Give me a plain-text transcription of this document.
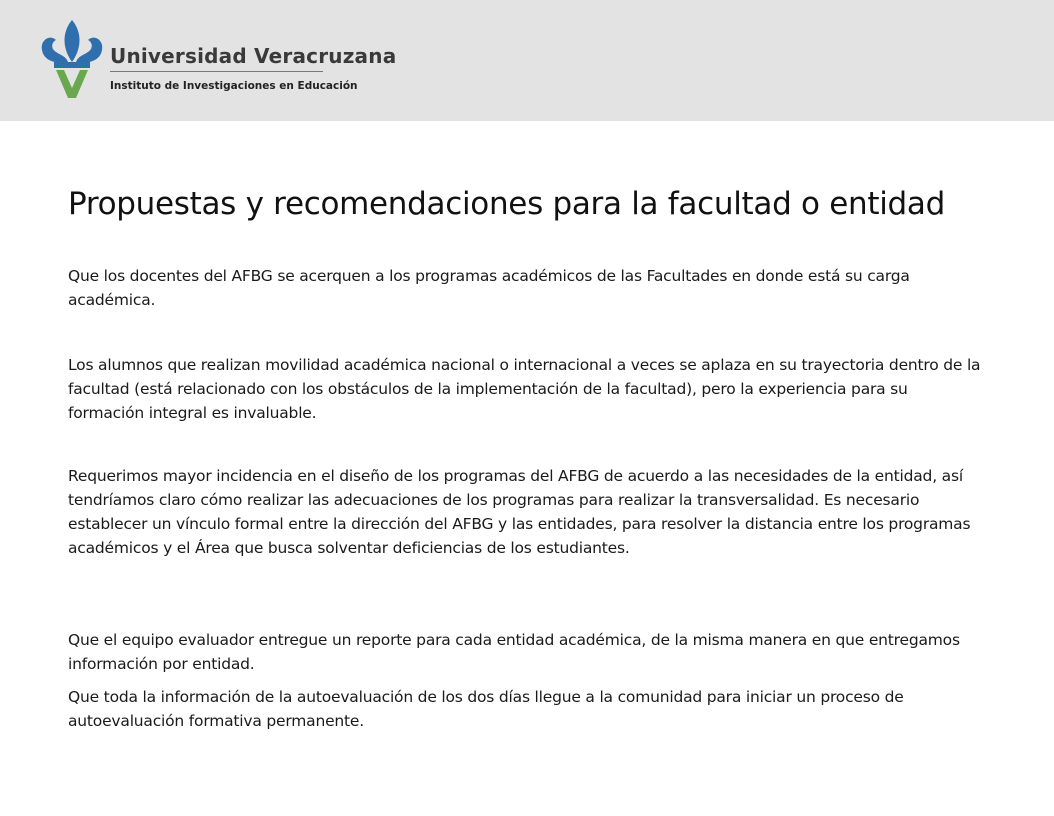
Universidad Veracruzana
Instituto de Investigaciones en Educación
Propuestas y recomendaciones para la facultad o entidad

Que los docentes del AFBG se acerquen a los programas académicos de las Facultades en donde está su carga académica.

Los alumnos que realizan movilidad académica nacional o internacional a veces se aplaza en su trayectoria dentro de la facultad (está relacionado con los obstáculos de la implementación de la facultad), pero la experiencia para su formación integral es invaluable.

Requerimos mayor incidencia en el diseño de los programas del AFBG de acuerdo a las necesidades de la entidad, así tendríamos claro cómo realizar las adecuaciones de los programas para realizar la transversalidad. Es necesario establecer un vínculo formal entre la dirección del AFBG y las entidades, para resolver la distancia entre los programas académicos y el Área que busca solventar deficiencias de los estudiantes.

Que el equipo evaluador entregue un reporte para cada entidad académica, de la misma manera en que entregamos información por entidad.

Que toda la información de la autoevaluación de los dos días llegue a la comunidad para iniciar un proceso de autoevaluación formativa permanente.
